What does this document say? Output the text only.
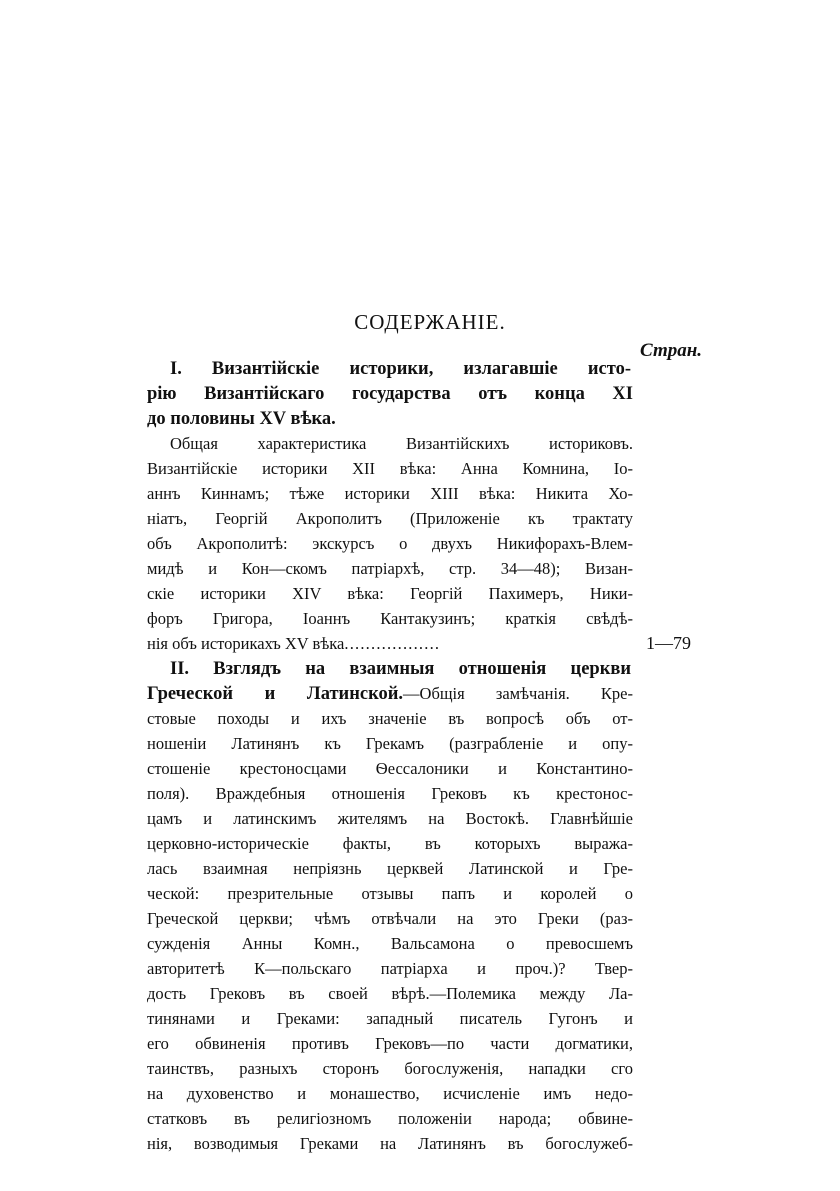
СОДЕРЖАНІЕ.
Стран.
I. Византійскіе историки, излагавшіе исто-
рію Византійскаго государства отъ конца XI
до половины XV вѣка.
Общая характеристика Византійскихъ историковъ.
Византійскіе историки XII вѣка: Анна Комнина, Іо-
аннъ Киннамъ; тѣже историки XIII вѣка: Никита Хо-
ніатъ, Георгій Акрополитъ (Приложеніе къ трактату
объ Акрополитѣ: экскурсъ о двухъ Никифорахъ-Влем-
мидѣ и Кон—скомъ патріархѣ, стр. 34—48); Визан-
скіе историки XIV вѣка: Георгій Пахимеръ, Ники-
форъ Григора, Іоаннъ Кантакузинъ; краткія свѣдѣ-
нія объ историкахъ XV вѣка..................	1—79
II. Взглядъ на взаимныя отношенія церкви
Греческой и Латинской.—Общія замѣчанія. Кре-
стовые походы и ихъ значеніе въ вопросѣ объ от-
ношеніи Латинянъ къ Грекамъ (разграбленіе и опу-
стошеніе крестоносцами Ѳессалоники и Константино-
поля). Враждебныя отношенія Грековъ къ крестонос-
цамъ и латинскимъ жителямъ на Востокѣ. Главнѣйшіе
церковно-историческіе факты, въ которыхъ выража-
лась взаимная непріязнь церквей Латинской и Гре-
ческой: презрительные отзывы папъ и королей о
Греческой церкви; чѣмъ отвѣчали на это Греки (раз-
сужденія Анны Комн., Вальсамона о превосшемъ
авторитетѣ К—польскаго патріарха и проч.)? Твер-
дость Грековъ въ своей вѣрѣ.—Полемика между Ла-
тинянами и Греками: западный писатель Гугонъ и
его обвиненія противъ Грековъ—по части догматики,
таинствъ, разныхъ сторонъ богослуженія, нападки сго
на духовенство и монашество, исчисленіе имъ недо-
статковъ въ религіозномъ положеніи народа; обвине-
нія, возводимыя Греками на Латинянъ въ богослужеб-
